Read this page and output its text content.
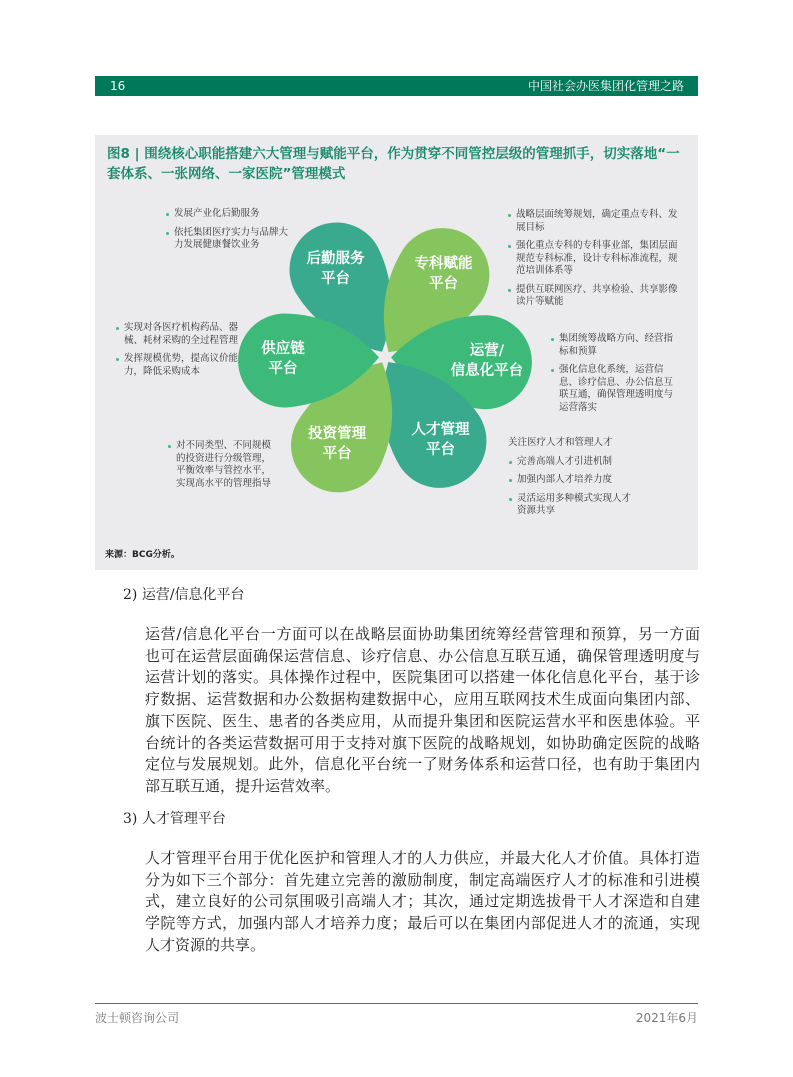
16	中国社会办医集团化管理之路
图8 | 围绕核心职能搭建六大管理与赋能平台，作为贯穿不同管控层级的管理抓手，切实落地“一套体系、一张网络、一家医院”管理模式
后勤服务
平台
专科赋能
平台
运营/
信息化平台
人才管理
平台
投资管理
平台
供应链
平台
发展产业化后勤服务
依托集团医疗实力与品牌大力发展健康餐饮业务
战略层面统筹规划，确定重点专科、发展目标
强化重点专科的专科事业部，集团层面规范专科标准，设计专科标准流程，规范培训体系等
提供互联网医疗、共享检验、共享影像读片等赋能
实现对各医疗机构药品、器械、耗材采购的全过程管理
发挥规模优势，提高议价能力，降低采购成本
集团统筹战略方向、经营指标和预算
强化信息化系统，运营信息、诊疗信息、办公信息互联互通，确保管理透明度与运营落实
对不同类型、不同规模的投资进行分级管理，平衡效率与管控水平，实现高水平的管理指导
关注医疗人才和管理人才
完善高端人才引进机制
加强内部人才培养力度
灵活运用多种模式实现人才资源共享
来源：BCG分析。
2) 运营/信息化平台
运营/信息化平台一方面可以在战略层面协助集团统筹经营管理和预算，另一方面
也可在运营层面确保运营信息、诊疗信息、办公信息互联互通，确保管理透明度与
运营计划的落实。具体操作过程中，医院集团可以搭建一体化信息化平台，基于诊
疗数据、运营数据和办公数据构建数据中心，应用互联网技术生成面向集团内部、
旗下医院、医生、患者的各类应用，从而提升集团和医院运营水平和医患体验。平
台统计的各类运营数据可用于支持对旗下医院的战略规划，如协助确定医院的战略
定位与发展规划。此外，信息化平台统一了财务体系和运营口径，也有助于集团内
部互联互通，提升运营效率。
3) 人才管理平台
人才管理平台用于优化医护和管理人才的人力供应，并最大化人才价值。具体打造
分为如下三个部分：首先建立完善的激励制度，制定高端医疗人才的标准和引进模
式，建立良好的公司氛围吸引高端人才；其次，通过定期选拔骨干人才深造和自建
学院等方式，加强内部人才培养力度；最后可以在集团内部促进人才的流通，实现
人才资源的共享。
波士顿咨询公司	2021年6月
